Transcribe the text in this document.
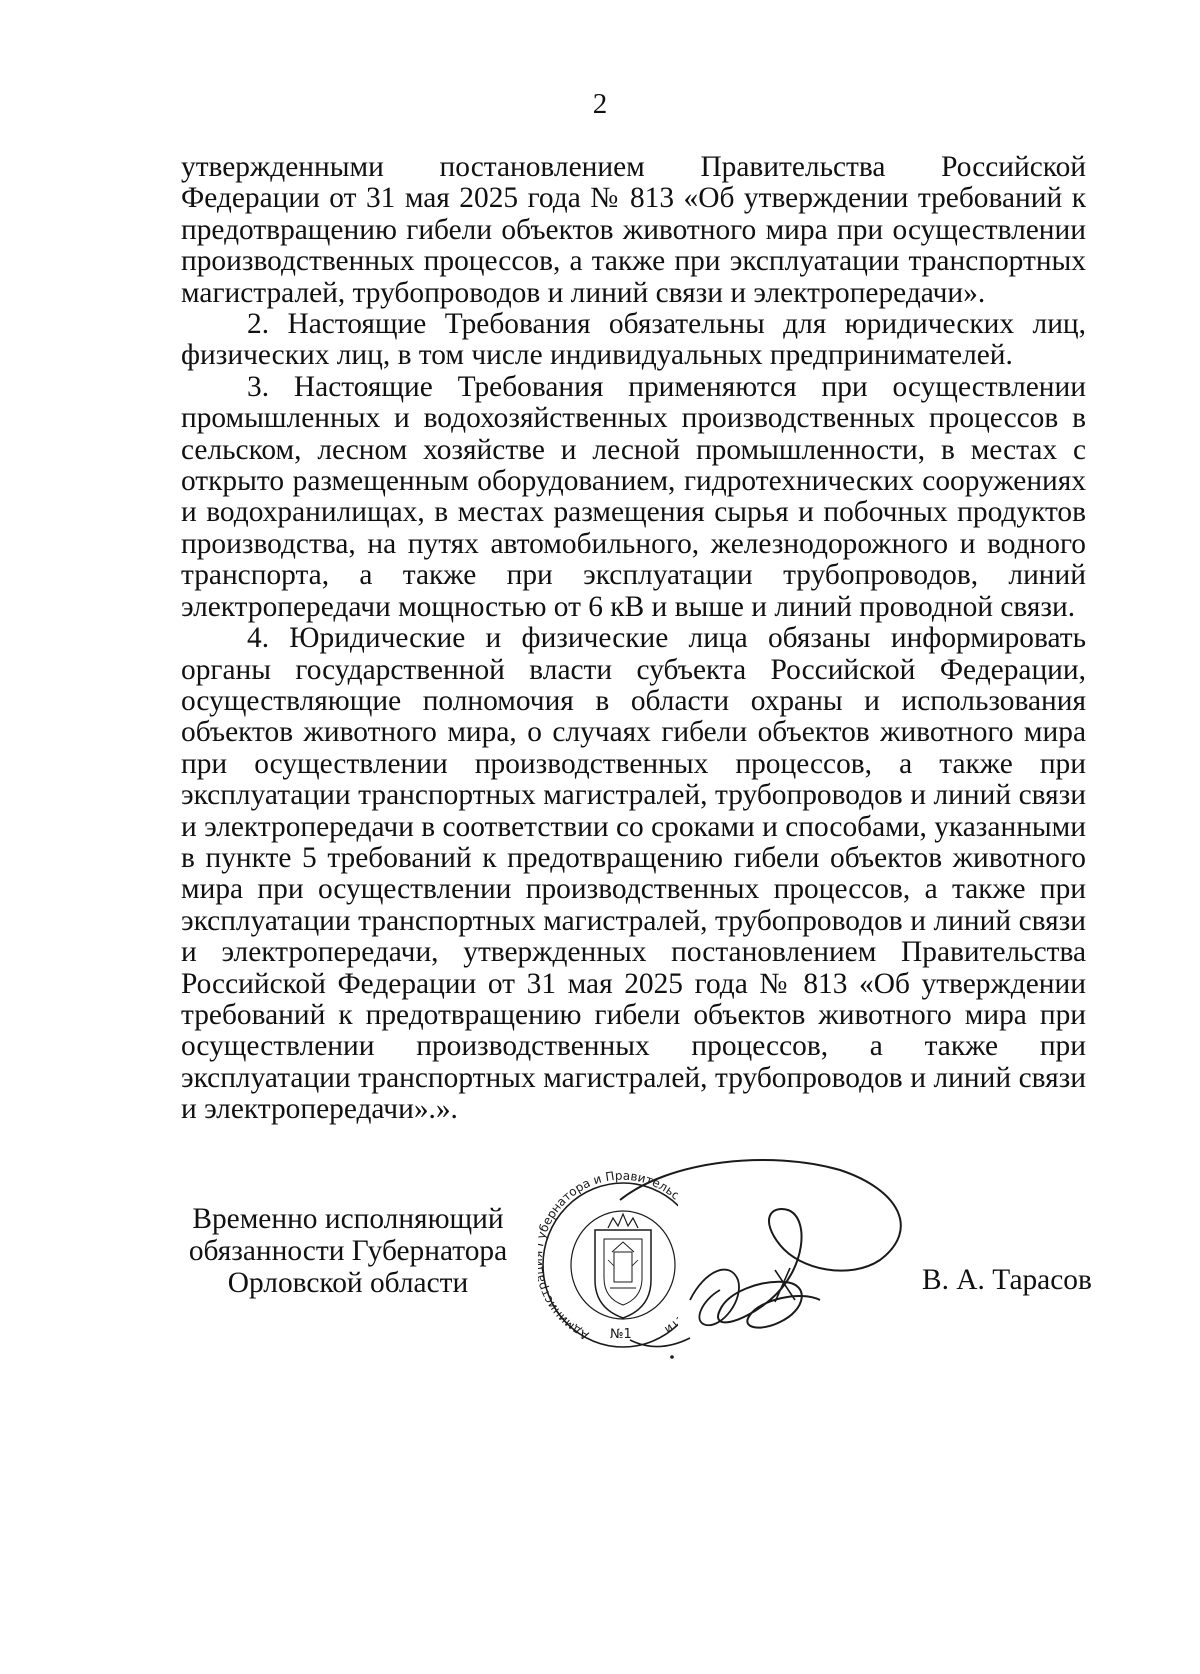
2

утвержденными постановлением Правительства Российской Федерации от 31 мая 2025 года № 813 «Об утверждении требований к предотвращению гибели объектов животного мира при осуществлении производственных процессов, а также при эксплуатации транспортных магистралей, трубопроводов и линий связи и электропередачи».

2. Настоящие Требования обязательны для юридических лиц, физических лиц, в том числе индивидуальных предпринимателей.

3. Настоящие Требования применяются при осуществлении промышленных и водохозяйственных производственных процессов в сельском, лесном хозяйстве и лесной промышленности, в местах с открыто размещенным оборудованием, гидротехнических сооружениях и водохранилищах, в местах размещения сырья и побочных продуктов производства, на путях автомобильного, железнодорожного и водного транспорта, а также при эксплуатации трубопроводов, линий электропередачи мощностью от 6 кВ и выше и линий проводной связи.

4. Юридические и физические лица обязаны информировать органы государственной власти субъекта Российской Федерации, осуществляющие полномочия в области охраны и использования объектов животного мира, о случаях гибели объектов животного мира при осуществлении производственных процессов, а также при эксплуатации транспортных магистралей, трубопроводов и линий связи и электропередачи в соответствии со сроками и способами, указанными в пункте 5 требований к предотвращению гибели объектов животного мира при осуществлении производственных процессов, а также при эксплуатации транспортных магистралей, трубопроводов и линий связи и электропередачи, утвержденных постановлением Правительства Российской Федерации от 31 мая 2025 года № 813 «Об утверждении требований к предотвращению гибели объектов животного мира при осуществлении производственных процессов, а также при эксплуатации транспортных магистралей, трубопроводов и линий связи и электропередачи».».

Временно исполняющий
обязанности Губернатора
Орловской области
Админист ернатора и Правитель и
№1
В. А. Тарасов
